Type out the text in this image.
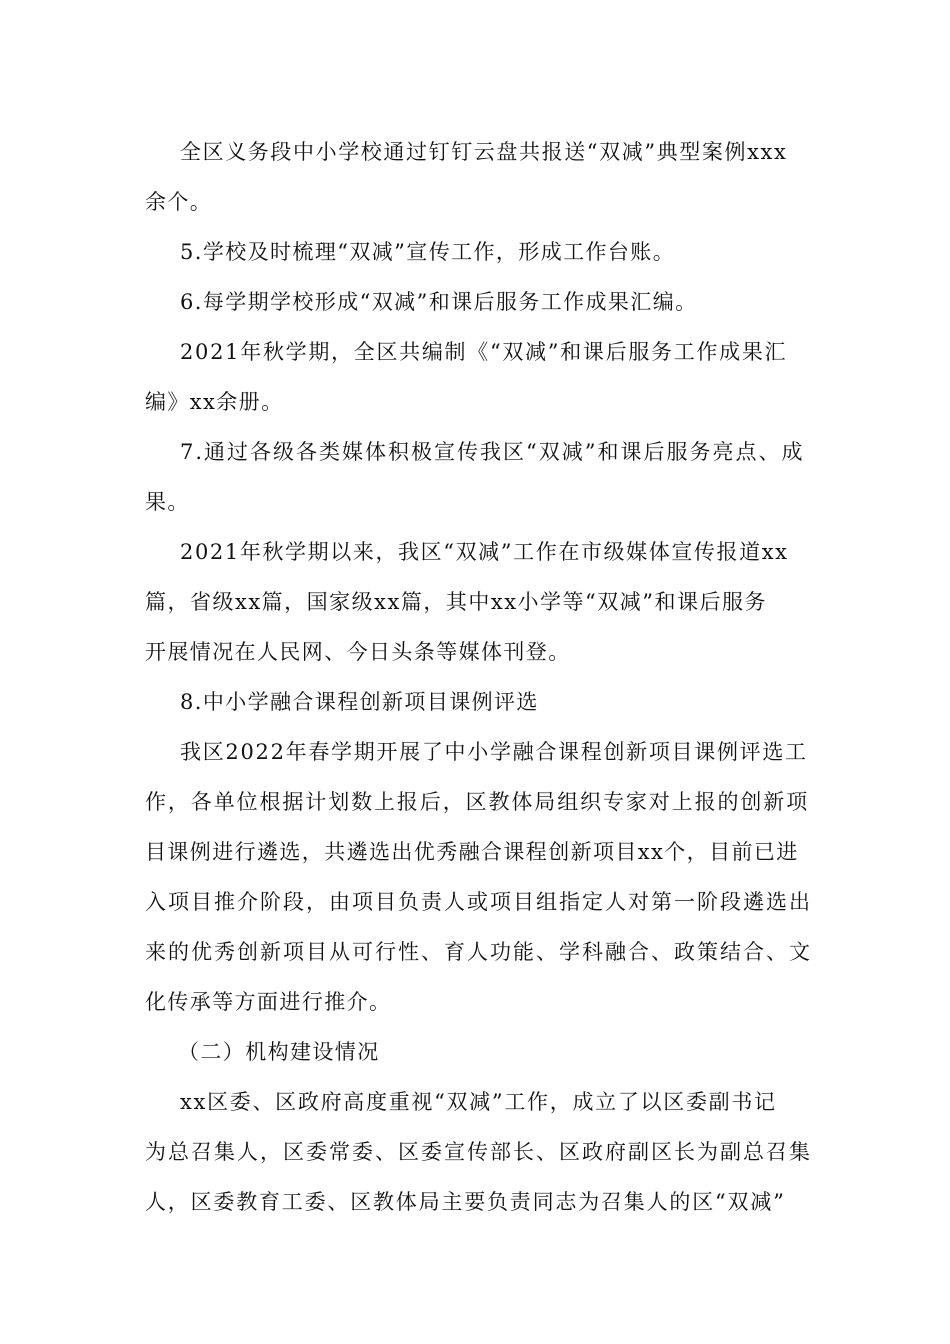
全区义务段中小学校通过钉钉云盘共报送“双减”典型案例xxx
余个。
5.学校及时梳理“双减”宣传工作，形成工作台账。
6.每学期学校形成“双减”和课后服务工作成果汇编。
2021年秋学期，全区共编制《“双减”和课后服务工作成果汇
编》xx余册。
7.通过各级各类媒体积极宣传我区“双减”和课后服务亮点、成
果。
2021年秋学期以来，我区“双减”工作在市级媒体宣传报道xx
篇，省级xx篇，国家级xx篇，其中xx小学等“双减”和课后服务
开展情况在人民网、今日头条等媒体刊登。
8.中小学融合课程创新项目课例评选
我区2022年春学期开展了中小学融合课程创新项目课例评选工
作，各单位根据计划数上报后，区教体局组织专家对上报的创新项
目课例进行遴选，共遴选出优秀融合课程创新项目xx个，目前已进
入项目推介阶段，由项目负责人或项目组指定人对第一阶段遴选出
来的优秀创新项目从可行性、育人功能、学科融合、政策结合、文
化传承等方面进行推介。
（二）机构建设情况
xx区委、区政府高度重视“双减”工作，成立了以区委副书记
为总召集人，区委常委、区委宣传部长、区政府副区长为副总召集
人，区委教育工委、区教体局主要负责同志为召集人的区“双减”
